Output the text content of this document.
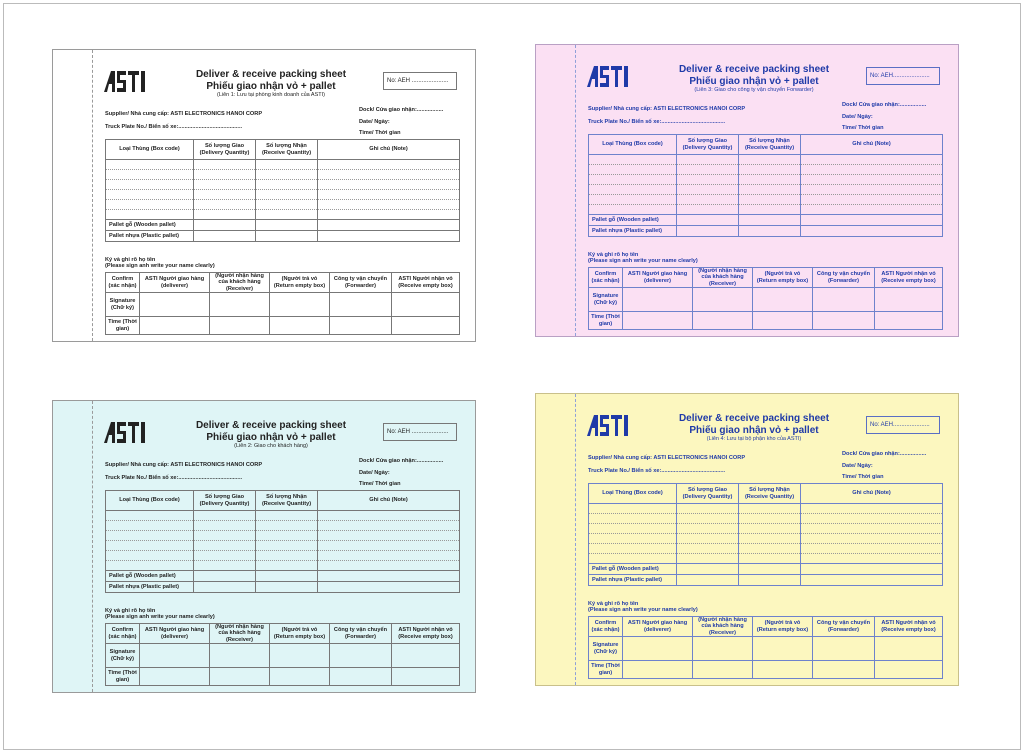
Deliver & receive packing sheet
Phiếu giao nhận vỏ + pallet
(Liên 1: Lưu tại phòng kinh doanh của ASTI)
No: AEH ......................
Supplier/ Nhà cung cấp: ASTI ELECTRONICS HANOI CORP
Truck Plate No./ Biển số xe:.........................................
Dock/ Cửa giao nhận:.................
Date/ Ngày:
Time/ Thời gian
Loại Thùng (Box code)	Số lượng Giao (Delivery Quantity)	Số lượng Nhận (Receive Quantity)	Ghi chú (Note)

Pallet gỗ (Wooden pallet)			
Pallet nhựa (Plastic pallet)			
Ký và ghi rõ họ tên
(Please sign anh write your name clearly)
Confirm (xác nhận)	ASTI Người giao hàng (deliverer)	(Người nhận hàng của khách hàng (Receiver)	(Người trả vỏ (Return empty box)	Công ty vận chuyển (Forwarder)	ASTI Người nhận vỏ (Receive empty box)
Signature (Chữ ký)					
Time (Thời gian)					
Deliver & receive packing sheet
Phiếu giao nhận vỏ + pallet
(Liên 3: Giao cho công ty vận chuyển Forwarder)
No: AEH......................
Supplier/ Nhà cung cấp: ASTI ELECTRONICS HANOI CORP
Truck Plate No./ Biển số xe:.........................................
Dock/ Cửa giao nhận:.................
Date/ Ngày:
Time/ Thời gian
Loại Thùng (Box code)	Số lượng Giao (Delivery Quantity)	Số lượng Nhận (Receive Quantity)	Ghi chú (Note)

Pallet gỗ (Wooden pallet)			
Pallet nhựa (Plastic pallet)			
Ký và ghi rõ họ tên
(Please sign anh write your name clearly)
Confirm (xác nhận)	ASTI Người giao hàng (deliverer)	(Người nhận hàng của khách hàng (Receiver)	(Người trả vỏ (Return empty box)	Công ty vận chuyển (Forwarder)	ASTI Người nhận vỏ (Receive empty box)
Signature (Chữ ký)					
Time (Thời gian)					
Deliver & receive packing sheet
Phiếu giao nhận vỏ + pallet
(Liên 2: Giao cho khách hàng)
No: AEH ......................
Supplier/ Nhà cung cấp: ASTI ELECTRONICS HANOI CORP
Truck Plate No./ Biển số xe:.........................................
Dock/ Cửa giao nhận:.................
Date/ Ngày:
Time/ Thời gian
Loại Thùng (Box code)	Số lượng Giao (Delivery Quantity)	Số lượng Nhận (Receive Quantity)	Ghi chú (Note)

Pallet gỗ (Wooden pallet)			
Pallet nhựa (Plastic pallet)			
Ký và ghi rõ họ tên
(Please sign anh write your name clearly)
Confirm (xác nhận)	ASTI Người giao hàng (deliverer)	(Người nhận hàng của khách hàng (Receiver)	(Người trả vỏ (Return empty box)	Công ty vận chuyển (Forwarder)	ASTI Người nhận vỏ (Receive empty box)
Signature (Chữ ký)					
Time (Thời gian)					
Deliver & receive packing sheet
Phiếu giao nhận vỏ + pallet
(Liên 4: Lưu tại bộ phận kho của ASTI)
No: AEH......................
Supplier/ Nhà cung cấp: ASTI ELECTRONICS HANOI CORP
Truck Plate No./ Biển số xe:.........................................
Dock/ Cửa giao nhận:.................
Date/ Ngày:
Time/ Thời gian
Loại Thùng (Box code)	Số lượng Giao (Delivery Quantity)	Số lượng Nhận (Receive Quantity)	Ghi chú (Note)

Pallet gỗ (Wooden pallet)			
Pallet nhựa (Plastic pallet)			
Ký và ghi rõ họ tên
(Please sign anh write your name clearly)
Confirm (xác nhận)	ASTI Người giao hàng (deliverer)	(Người nhận hàng của khách hàng (Receiver)	(Người trả vỏ (Return empty box)	Công ty vận chuyển (Forwarder)	ASTI Người nhận vỏ (Receive empty box)
Signature (Chữ ký)					
Time (Thời gian)					
